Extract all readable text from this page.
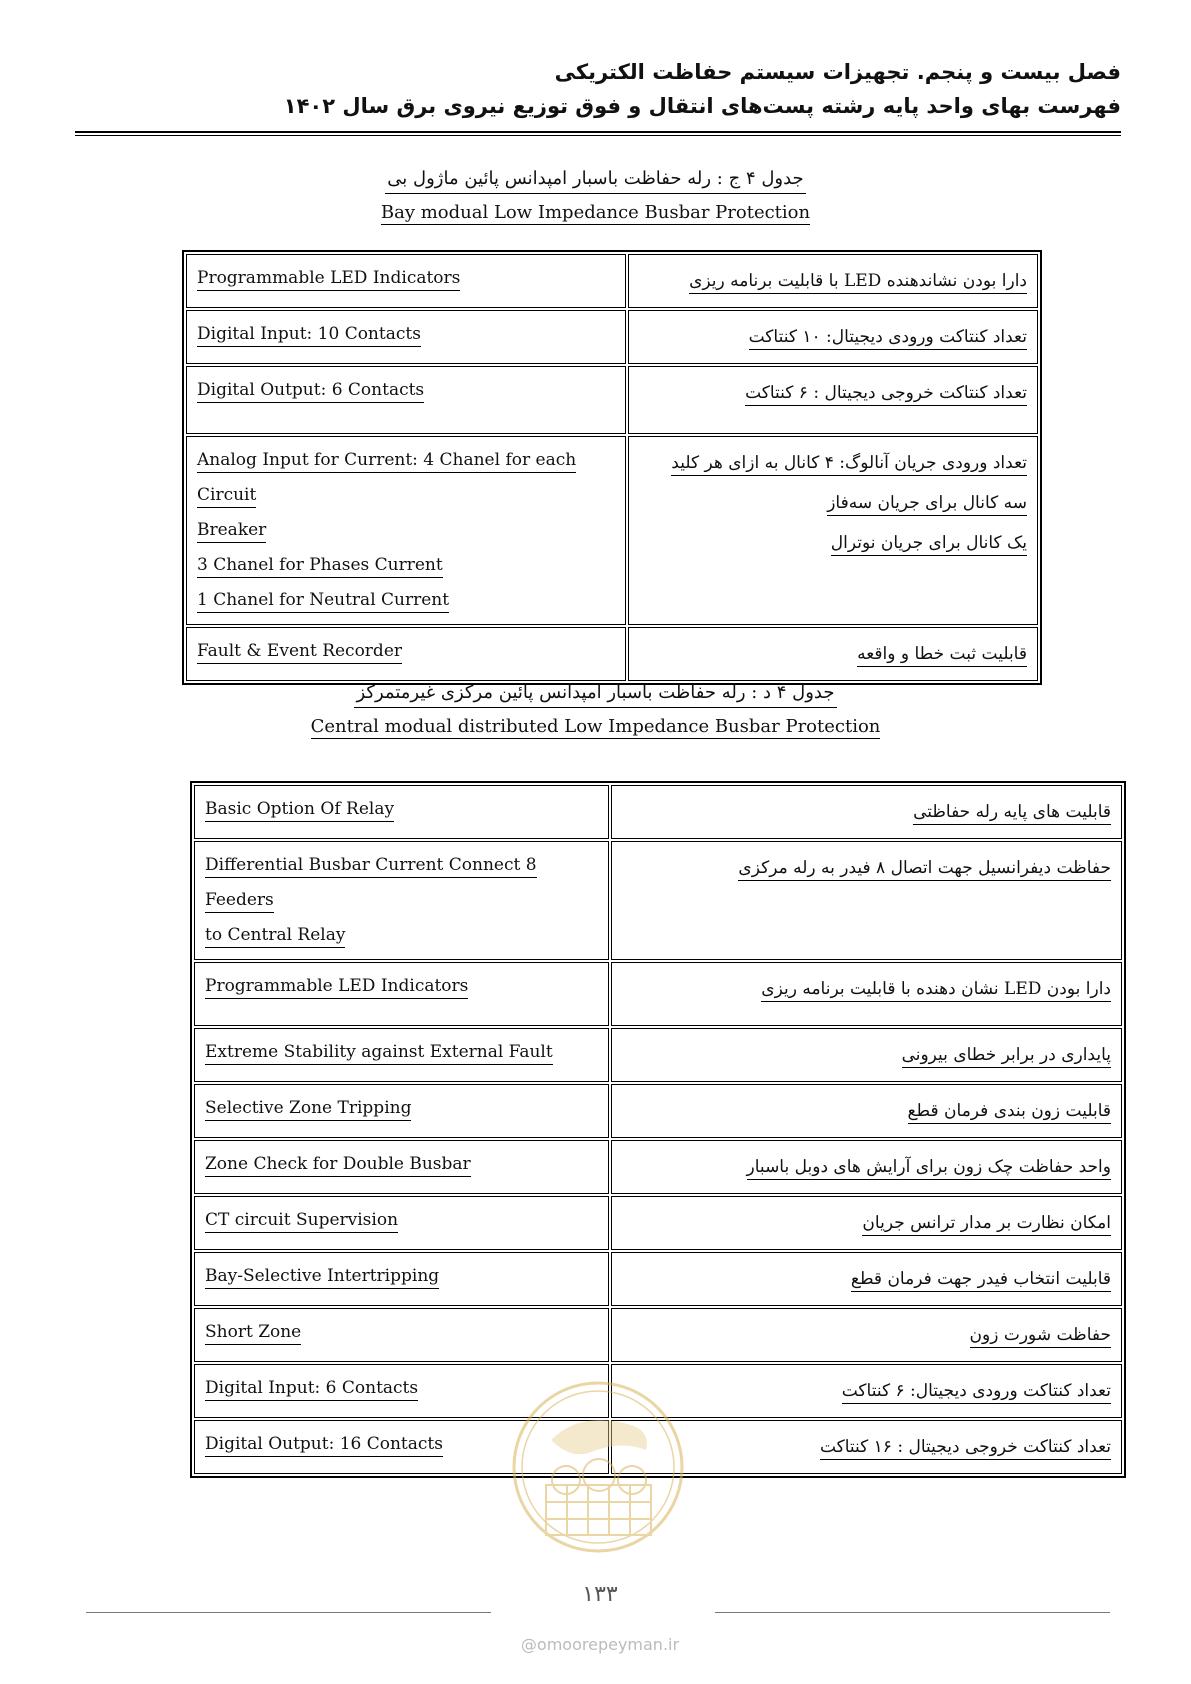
فصل بیست و پنجم. تجهیزات سیستم حفاظت الکتریکی
فهرست بهای واحد پایه رشته پست‌های انتقال و فوق توزیع نیروی برق سال ۱۴۰۲
جدول ۴ ج : رله حفاظت باسبار امپدانس پائین ماژول بی
Bay modual Low Impedance Busbar Protection
Programmable LED Indicators	دارا بودن نشاندهنده LED با قابلیت برنامه ریزی

Digital Input: 10 Contacts	تعداد کنتاکت ورودی دیجیتال: ۱۰ کنتاکت

Digital Output: 6 Contacts	تعداد کنتاکت خروجی دیجیتال : ۶ کنتاکت

Analog Input for Current: 4 Chanel for each Circuit
Breaker
3 Chanel for Phases Current
1 Chanel for Neutral Current	تعداد ورودی جریان آنالوگ: ۴ کانال به ازای هر کلید
سه کانال برای جریان سه‌فاز
یک کانال برای جریان نوترال

Fault & Event Recorder	قابلیت ثبت خطا و واقعه
جدول ۴ د : رله حفاظت باسبار امپدانس پائین مرکزی غیرمتمرکز
Central modual distributed Low Impedance Busbar Protection
Basic Option Of Relay	قابلیت های پایه رله حفاظتی

Differential Busbar Current Connect 8 Feeders
to Central Relay	حفاظت دیفرانسیل جهت اتصال ۸ فیدر به رله مرکزی

Programmable LED Indicators	دارا بودن LED نشان دهنده با قابلیت برنامه ریزی

Extreme Stability against External Fault	پایداری در برابر خطای بیرونی

Selective Zone Tripping	قابلیت زون بندی فرمان قطع

Zone Check for Double Busbar	واحد حفاظت چک زون برای آرایش های دوبل باسبار

CT circuit Supervision	امکان نظارت بر مدار ترانس جریان

Bay-Selective Intertripping	قابلیت انتخاب فیدر جهت فرمان قطع

Short Zone	حفاظت شورت زون

Digital Input: 6 Contacts	تعداد کنتاکت ورودی دیجیتال: ۶ کنتاکت

Digital Output: 16 Contacts	تعداد کنتاکت خروجی دیجیتال : ۱۶ کنتاکت
۱۳۳
@omoorepeyman.ir
